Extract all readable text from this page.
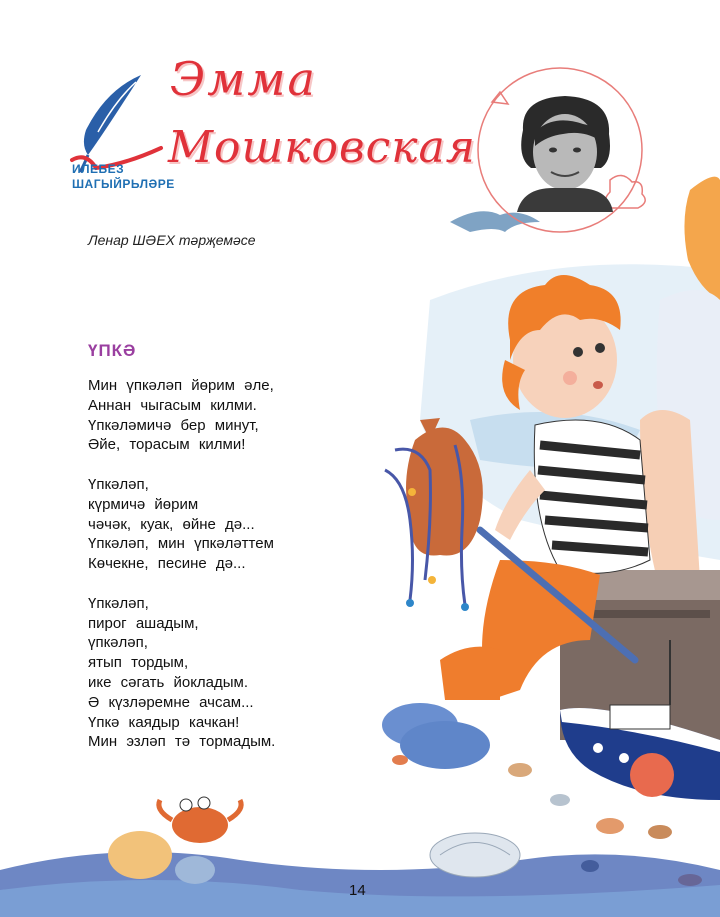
ИЛЕБЕЗ
ШАГЫЙРЬЛӘРЕ
Эмма
Мошковская
Ленар ШӘЕХ тәрҗемәсе
ҮПКӘ
Мин үпкәләп йөрим әле,
Аннан чыгасым килми.
Үпкәләмичә бер минут,
Әйе, торасым килми!
Үпкәләп,
күрмичә йөрим
чәчәк, куак, өйне дә...
Үпкәләп, мин үпкәләттем
Көчекне, песине дә...
Үпкәләп,
пирог ашадым,
үпкәләп,
ятып тордым,
ике сәгать йокладым.
Ә күзләремне ачсам...
Үпкә каядыр качкан!
Мин эзләп тә тормадым.
14
